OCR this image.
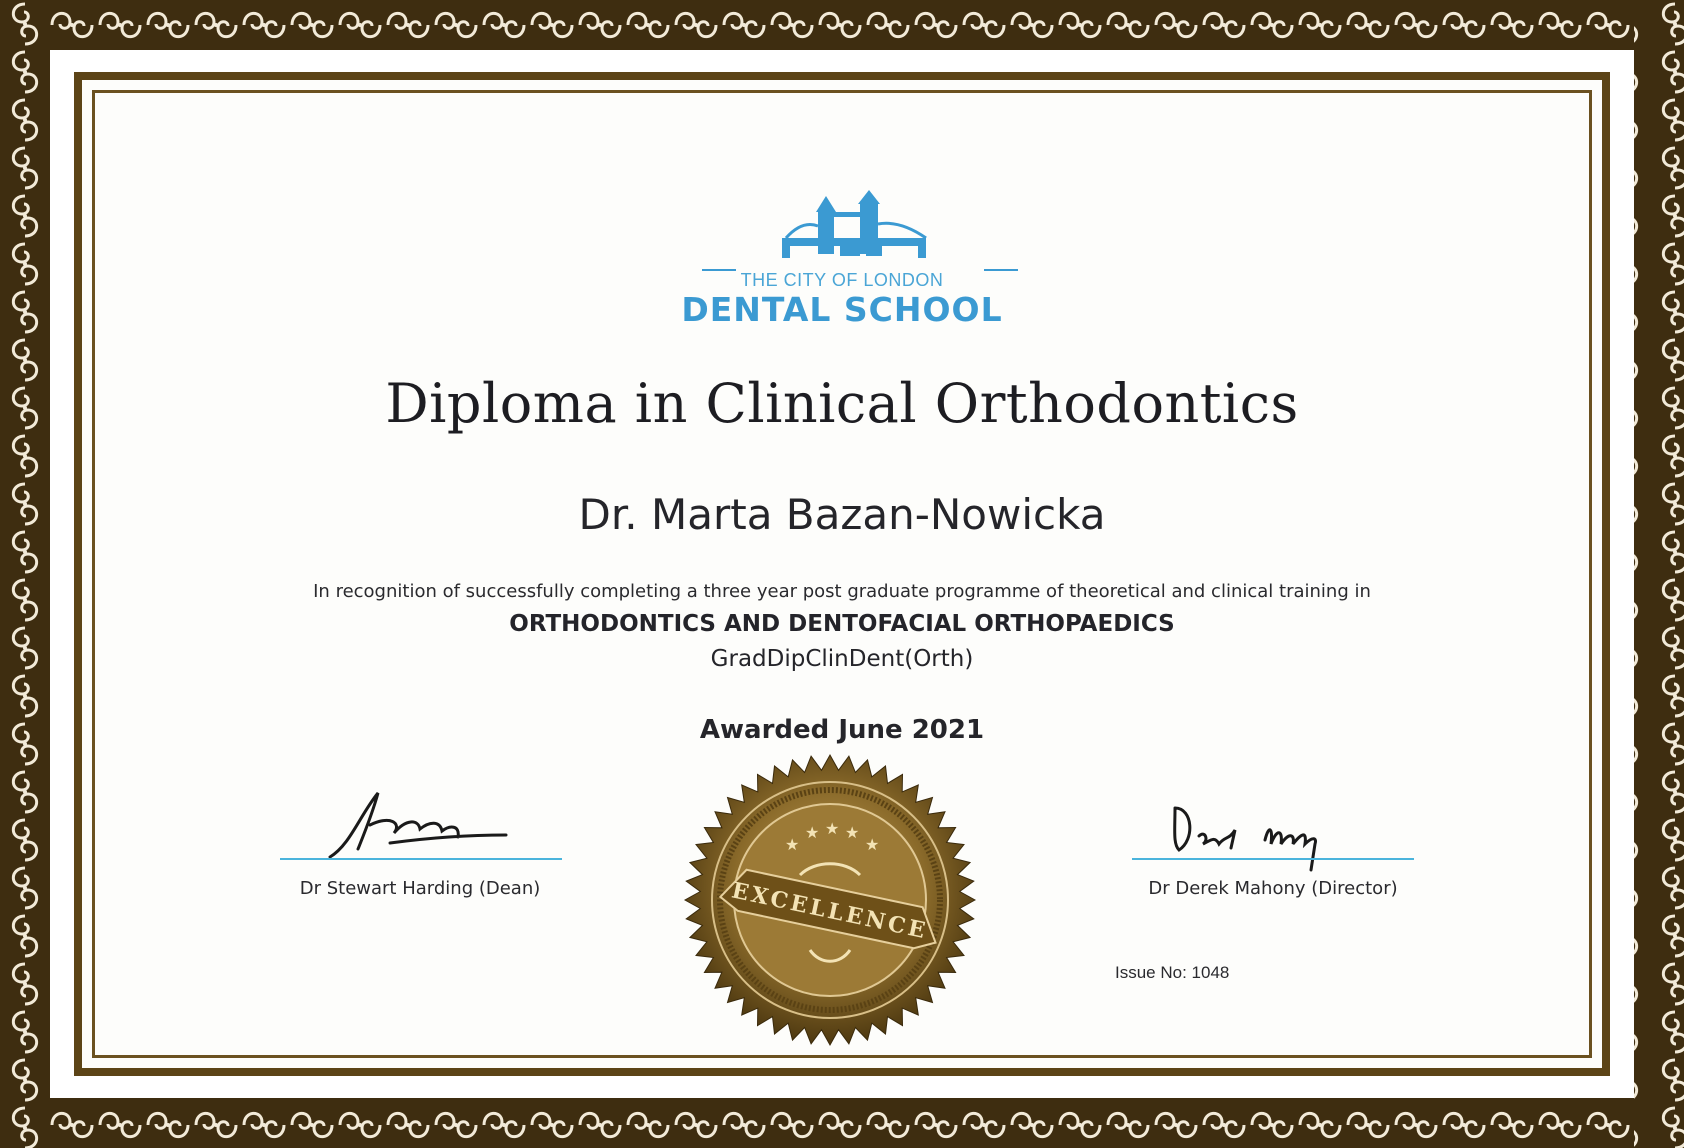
THE CITY OF LONDON
DENTAL SCHOOL
Diploma in Clinical Orthodontics
Dr. Marta Bazan-Nowicka
In recognition of successfully completing a three year post graduate programme of theoretical and clinical training in
ORTHODONTICS AND DENTOFACIAL ORTHOPAEDICS
GradDipClinDent(Orth)
Awarded June 2021
Dr Stewart Harding (Dean)	Dr Derek Mahony (Director)
★
★ ★ ★
★
EXCELLENCE
Issue No: 1048
